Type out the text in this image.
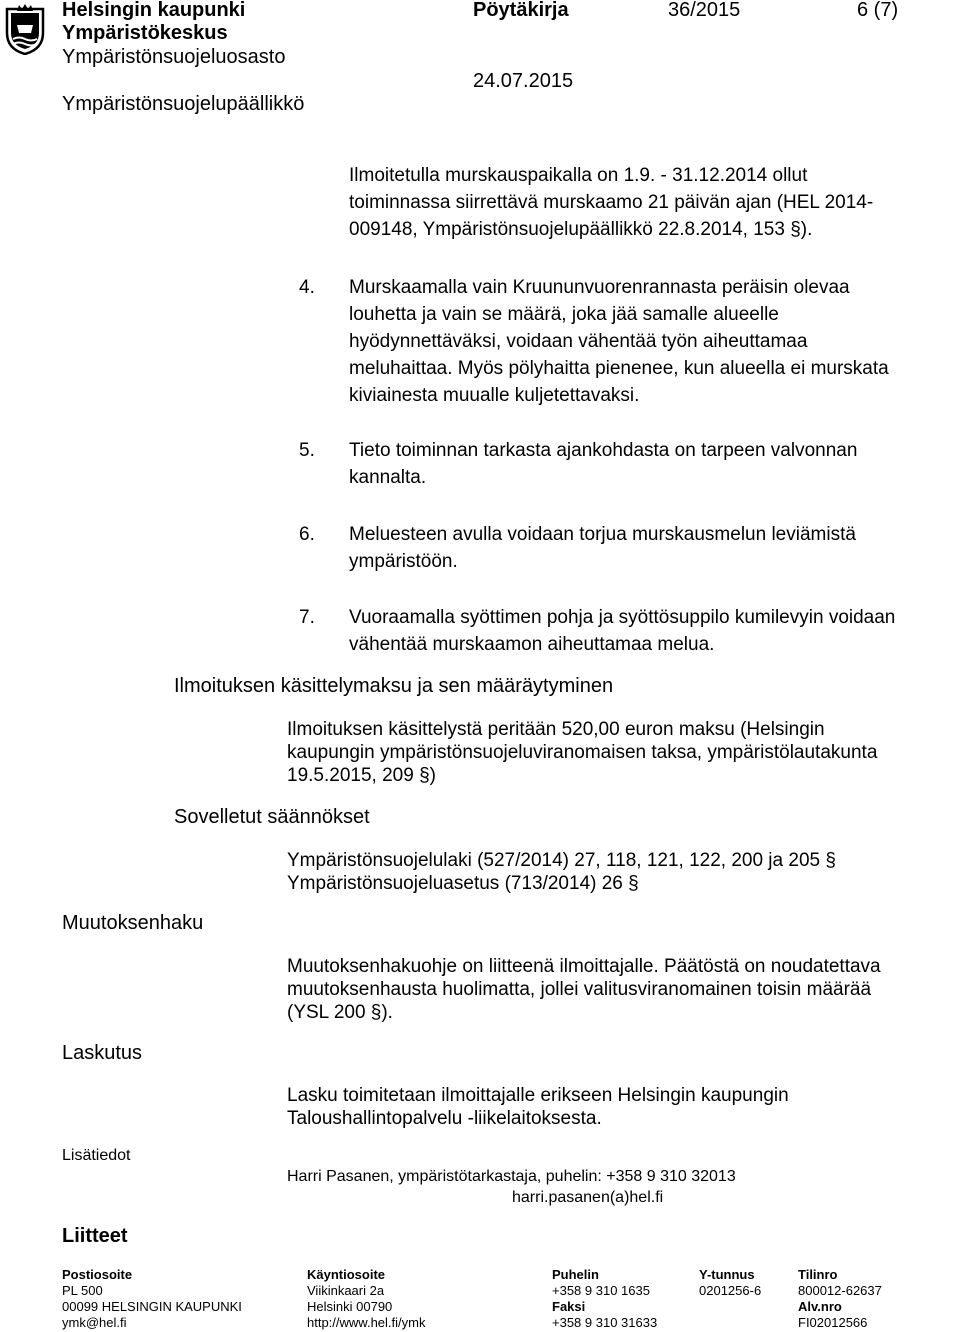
Helsingin kaupunki
Ympäristökeskus
Ympäristönsuojeluosasto
Ympäristönsuojelupäällikkö
Pöytäkirja	36/2015	6 (7)
24.07.2015
Ilmoitetulla murskauspaikalla on 1.9. - 31.12.2014 ollut
toiminnassa siirrettävä murskaamo 21 päivän ajan (HEL 2014-
009148, Ympäristönsuojelupäällikkö 22.8.2014, 153 §).
4. Murskaamalla vain Kruununvuorenrannasta peräisin olevaa
louhetta ja vain se määrä, joka jää samalle alueelle
hyödynnettäväksi, voidaan vähentää työn aiheuttamaa
meluhaittaa. Myös pölyhaitta pienenee, kun alueella ei murskata
kiviainesta muualle kuljetettavaksi.
5. Tieto toiminnan tarkasta ajankohdasta on tarpeen valvonnan
kannalta.
6. Meluesteen avulla voidaan torjua murskausmelun leviämistä
ympäristöön.
7. Vuoraamalla syöttimen pohja ja syöttösuppilo kumilevyin voidaan
vähentää murskaamon aiheuttamaa melua.
Ilmoituksen käsittelymaksu ja sen määräytyminen
Ilmoituksen käsittelystä peritään 520,00 euron maksu (Helsingin
kaupungin ympäristönsuojeluviranomaisen taksa, ympäristölautakunta
19.5.2015, 209 §)
Sovelletut säännökset
Ympäristönsuojelulaki (527/2014) 27, 118, 121, 122, 200 ja 205 §
Ympäristönsuojeluasetus (713/2014) 26 §
Muutoksenhaku
Muutoksenhakuohje on liitteenä ilmoittajalle. Päätöstä on noudatettava
muutoksenhausta huolimatta, jollei valitusviranomainen toisin määrää
(YSL 200 §).
Laskutus
Lasku toimitetaan ilmoittajalle erikseen Helsingin kaupungin
Taloushallintopalvelu -liikelaitoksesta.
Lisätiedot
Harri Pasanen, ympäristötarkastaja, puhelin: +358 9 310 32013
harri.pasanen(a)hel.fi
Liitteet
Postiosoite
PL 500
00099 HELSINGIN KAUPUNKI
ymk@hel.fi
Käyntiosoite
Viikinkaari 2a
Helsinki 00790
http://www.hel.fi/ymk
Puhelin
+358 9 310 1635
Faksi
+358 9 310 31633
Y-tunnus
0201256-6
Tilinro
800012-62637
Alv.nro
FI02012566
